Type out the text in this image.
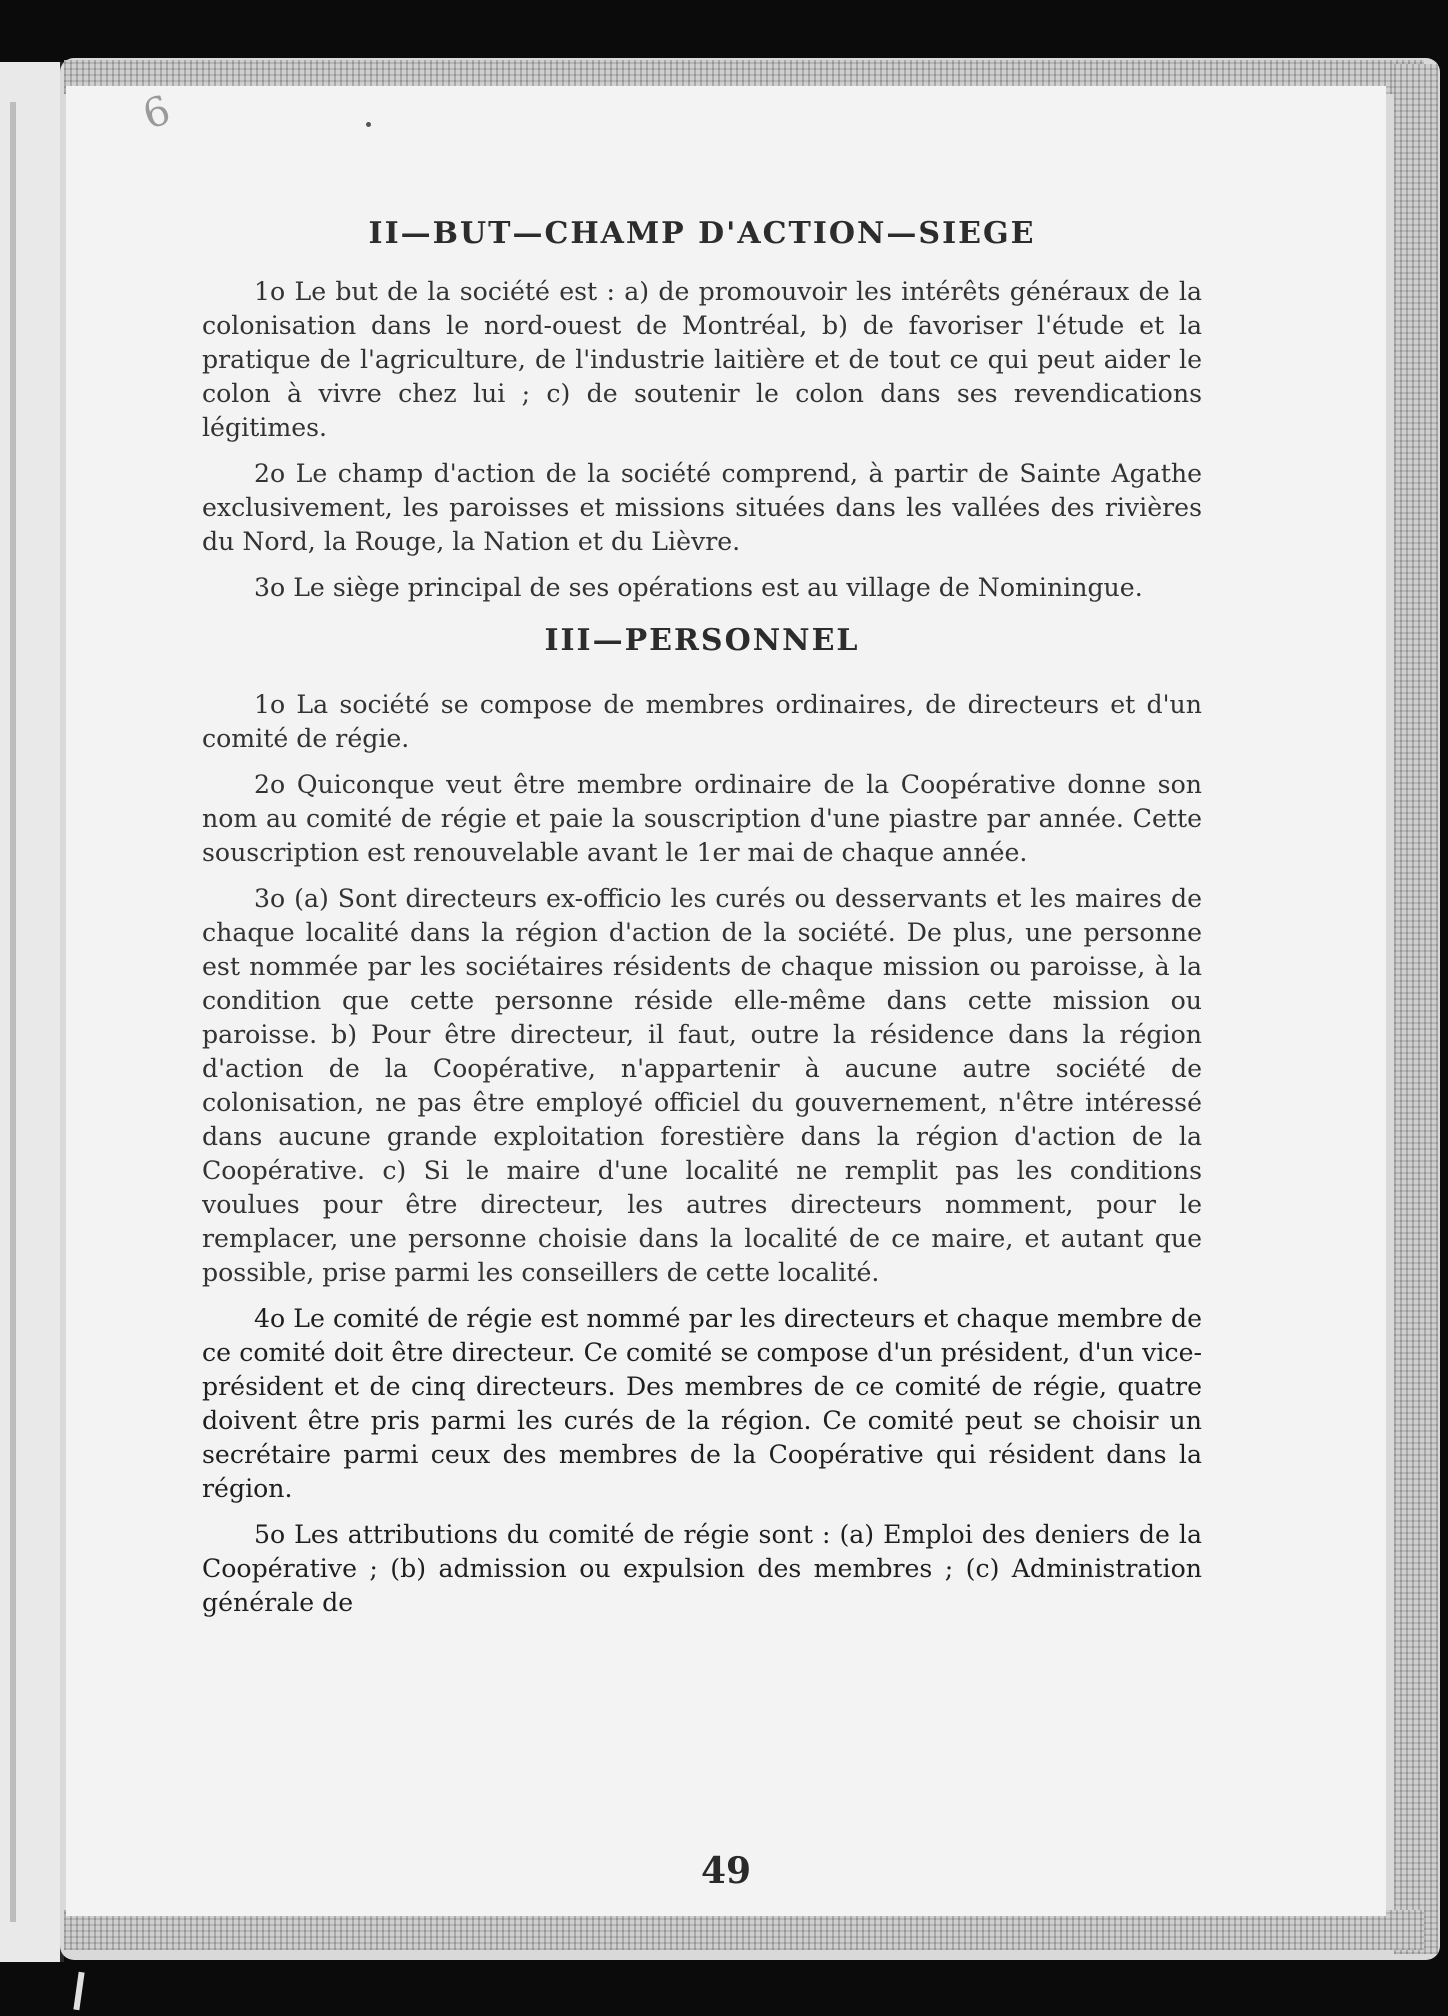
6
II—BUT—CHAMP D'ACTION—SIEGE

1o Le but de la société est : a) de promouvoir les intérêts généraux de la colonisation dans le nord-ouest de Montréal, b) de favoriser l'étude et la pratique de l'agriculture, de l'industrie laitière et de tout ce qui peut aider le colon à vivre chez lui ; c) de soutenir le colon dans ses revendications légitimes.

2o Le champ d'action de la société comprend, à partir de Sainte Agathe exclusivement, les paroisses et missions situées dans les vallées des rivières du Nord, la Rouge, la Nation et du Lièvre.

3o Le siège principal de ses opérations est au village de Nominingue.

III—PERSONNEL

1o La société se compose de membres ordinaires, de directeurs et d'un comité de régie.

2o Quiconque veut être membre ordinaire de la Coopérative donne son nom au comité de régie et paie la souscription d'une piastre par année. Cette souscription est renouvelable avant le 1er mai de chaque année.

3o (a) Sont directeurs ex-officio les curés ou desservants et les maires de chaque localité dans la région d'action de la société. De plus, une personne est nommée par les sociétaires résidents de chaque mission ou paroisse, à la condition que cette personne réside elle-même dans cette mission ou paroisse. b) Pour être directeur, il faut, outre la résidence dans la région d'action de la Coopérative, n'appartenir à aucune autre société de colonisation, ne pas être employé officiel du gouvernement, n'être intéressé dans aucune grande exploitation forestière dans la région d'action de la Coopérative. c) Si le maire d'une localité ne remplit pas les conditions voulues pour être directeur, les autres directeurs nomment, pour le remplacer, une personne choisie dans la localité de ce maire, et autant que possible, prise parmi les conseillers de cette localité.

4o Le comité de régie est nommé par les directeurs et chaque membre de ce comité doit être directeur. Ce comité se compose d'un président, d'un vice-président et de cinq directeurs. Des membres de ce comité de régie, quatre doivent être pris parmi les curés de la région. Ce comité peut se choisir un secrétaire parmi ceux des membres de la Coopérative qui résident dans la région.

5o Les attributions du comité de régie sont : (a) Emploi des deniers de la Coopérative ; (b) admission ou expulsion des membres ; (c) Administration générale de

49
